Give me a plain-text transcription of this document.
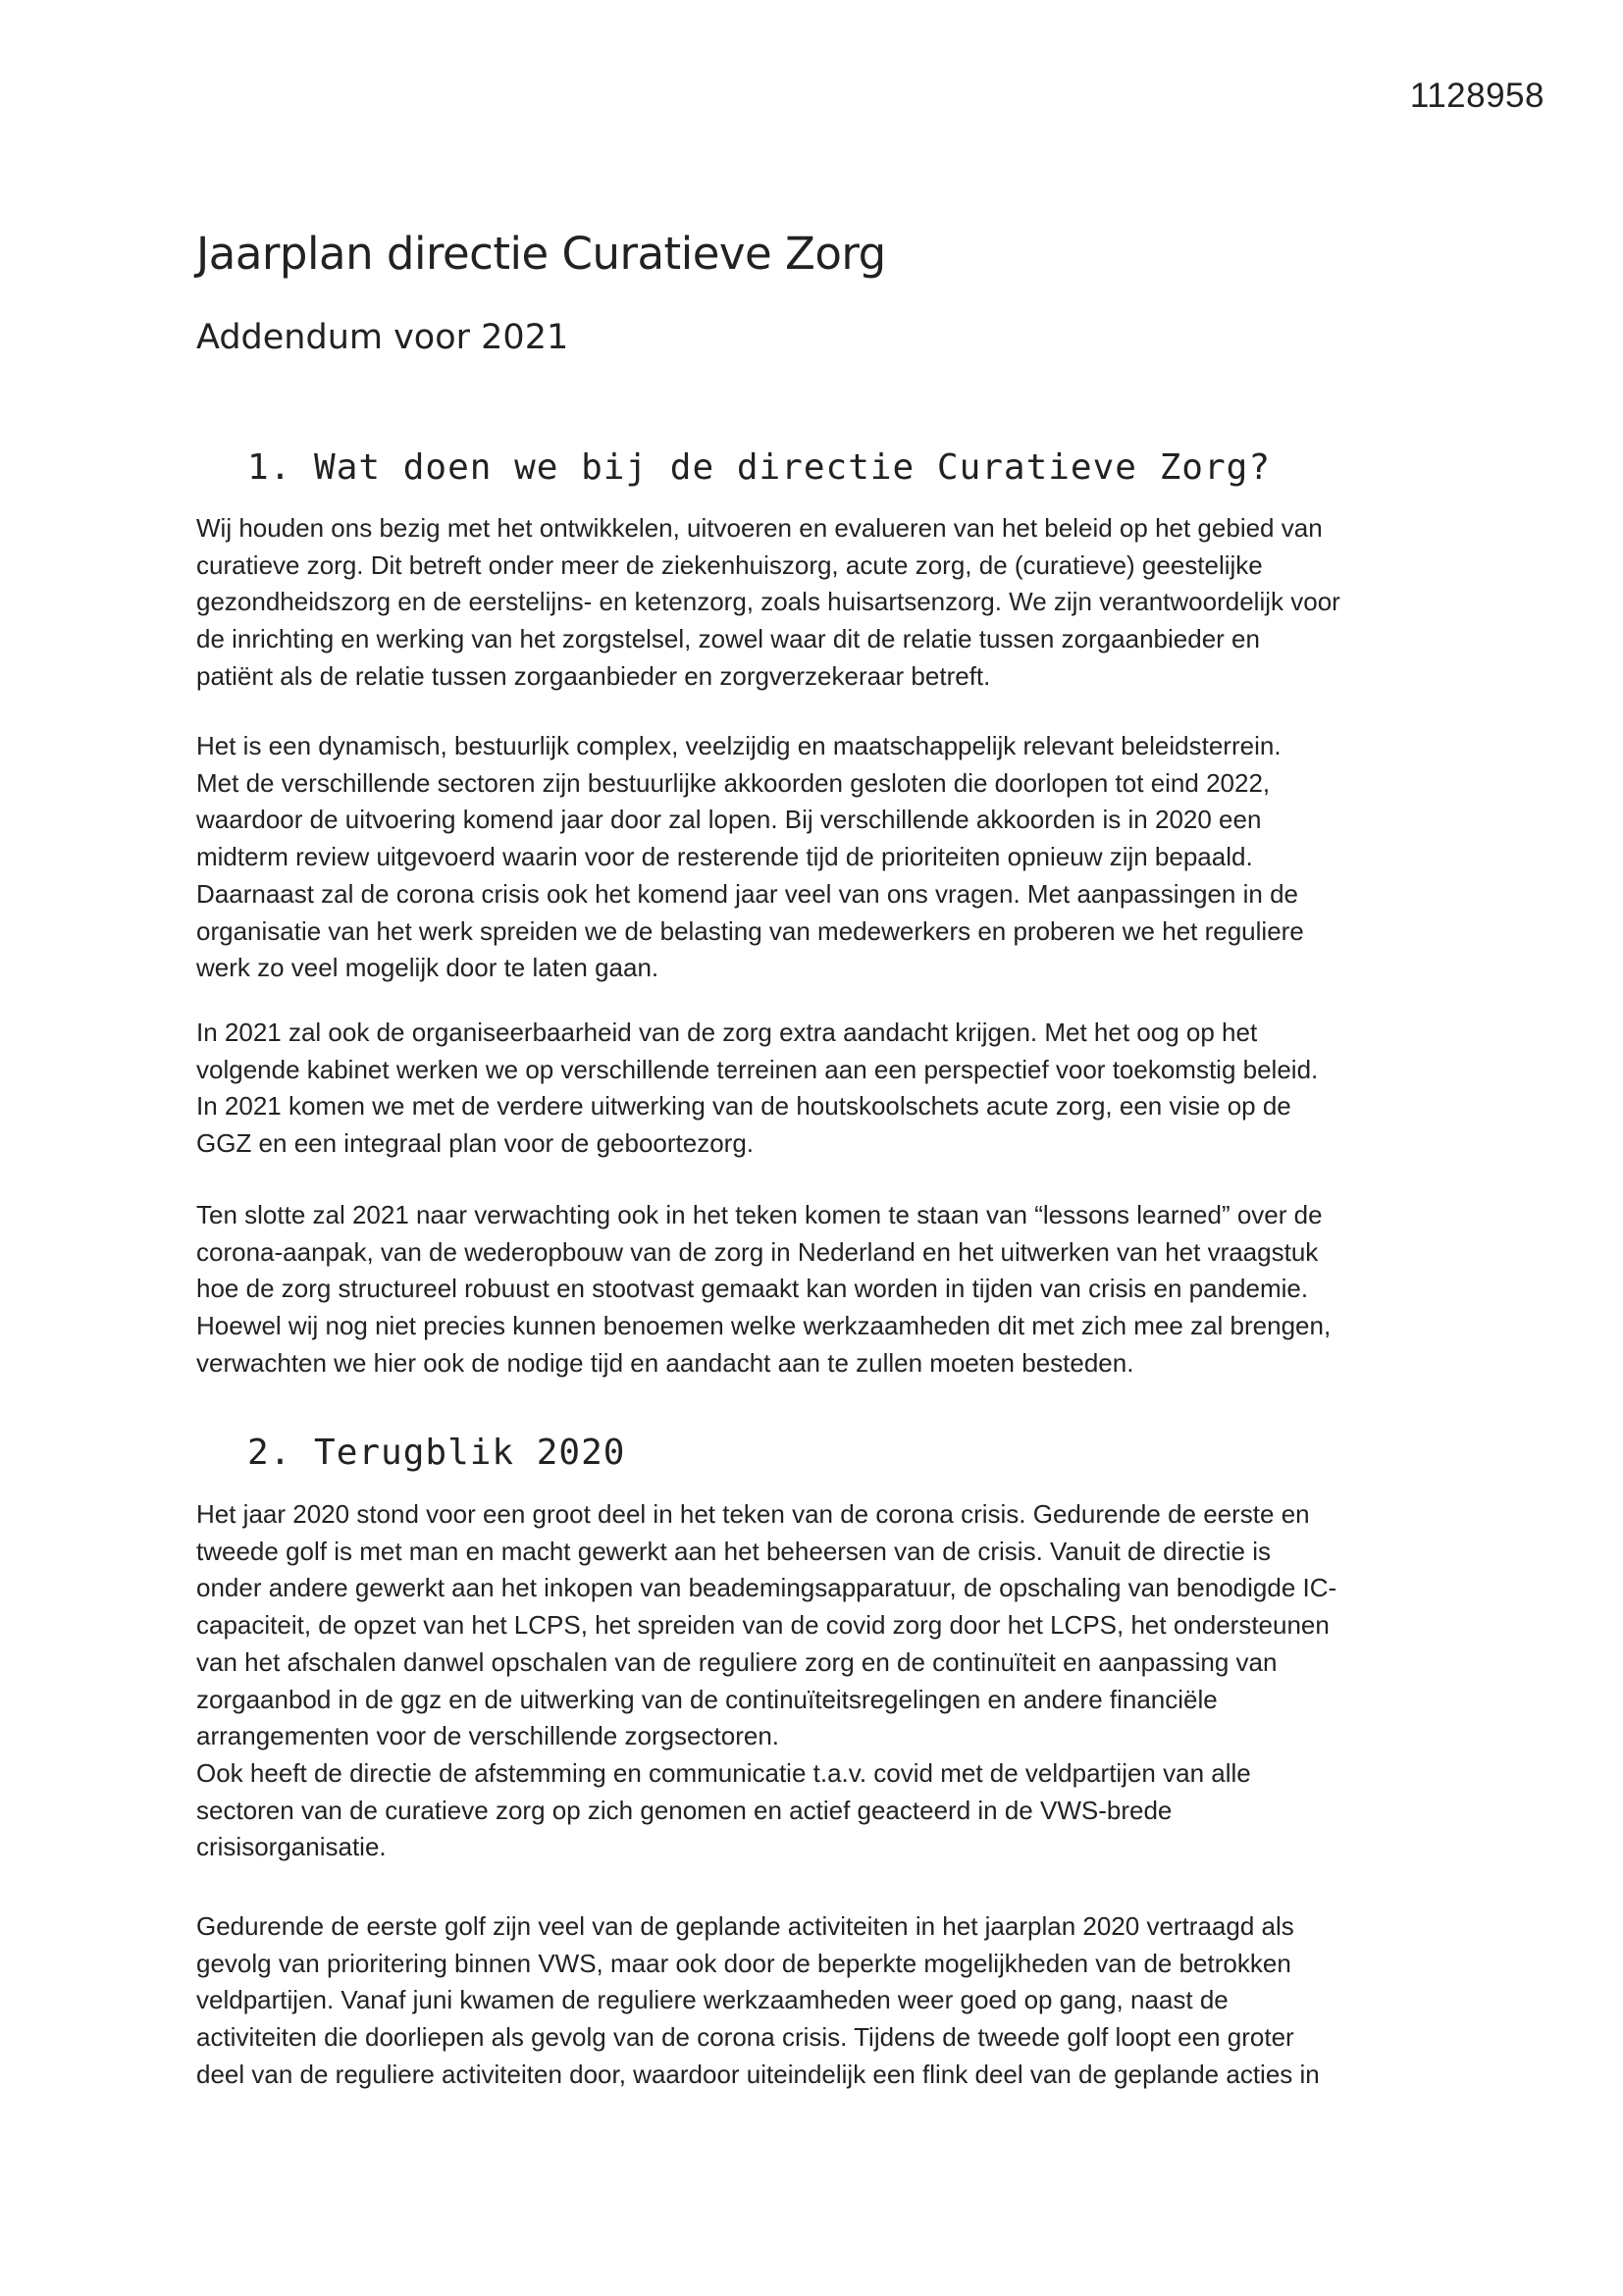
1128958
Jaarplan directie Curatieve Zorg
Addendum voor 2021
1. Wat doen we bij de directie Curatieve Zorg?

Wij houden ons bezig met het ontwikkelen, uitvoeren en evalueren van het beleid op het gebied van
curatieve zorg. Dit betreft onder meer de ziekenhuiszorg, acute zorg, de (curatieve) geestelijke
gezondheidszorg en de eerstelijns- en ketenzorg, zoals huisartsenzorg. We zijn verantwoordelijk voor
de inrichting en werking van het zorgstelsel, zowel waar dit de relatie tussen zorgaanbieder en
patiënt als de relatie tussen zorgaanbieder en zorgverzekeraar betreft.

Het is een dynamisch, bestuurlijk complex, veelzijdig en maatschappelijk relevant beleidsterrein.
Met de verschillende sectoren zijn bestuurlijke akkoorden gesloten die doorlopen tot eind 2022,
waardoor de uitvoering komend jaar door zal lopen. Bij verschillende akkoorden is in 2020 een
midterm review uitgevoerd waarin voor de resterende tijd de prioriteiten opnieuw zijn bepaald.
Daarnaast zal de corona crisis ook het komend jaar veel van ons vragen. Met aanpassingen in de
organisatie van het werk spreiden we de belasting van medewerkers en proberen we het reguliere
werk zo veel mogelijk door te laten gaan.

In 2021 zal ook de organiseerbaarheid van de zorg extra aandacht krijgen. Met het oog op het
volgende kabinet werken we op verschillende terreinen aan een perspectief voor toekomstig beleid.
In 2021 komen we met de verdere uitwerking van de houtskoolschets acute zorg, een visie op de
GGZ en een integraal plan voor de geboortezorg.

Ten slotte zal 2021 naar verwachting ook in het teken komen te staan van “lessons learned” over de
corona-aanpak, van de wederopbouw van de zorg in Nederland en het uitwerken van het vraagstuk
hoe de zorg structureel robuust en stootvast gemaakt kan worden in tijden van crisis en pandemie.
Hoewel wij nog niet precies kunnen benoemen welke werkzaamheden dit met zich mee zal brengen,
verwachten we hier ook de nodige tijd en aandacht aan te zullen moeten besteden.

2. Terugblik 2020

Het jaar 2020 stond voor een groot deel in het teken van de corona crisis. Gedurende de eerste en
tweede golf is met man en macht gewerkt aan het beheersen van de crisis. Vanuit de directie is
onder andere gewerkt aan het inkopen van beademingsapparatuur, de opschaling van benodigde IC-
capaciteit, de opzet van het LCPS, het spreiden van de covid zorg door het LCPS, het ondersteunen
van het afschalen danwel opschalen van de reguliere zorg en de continuïteit en aanpassing van
zorgaanbod in de ggz en de uitwerking van de continuïteitsregelingen en andere financiële
arrangementen voor de verschillende zorgsectoren.
Ook heeft de directie de afstemming en communicatie t.a.v. covid met de veldpartijen van alle
sectoren van de curatieve zorg op zich genomen en actief geacteerd in de VWS-brede
crisisorganisatie.

Gedurende de eerste golf zijn veel van de geplande activiteiten in het jaarplan 2020 vertraagd als
gevolg van prioritering binnen VWS, maar ook door de beperkte mogelijkheden van de betrokken
veldpartijen. Vanaf juni kwamen de reguliere werkzaamheden weer goed op gang, naast de
activiteiten die doorliepen als gevolg van de corona crisis. Tijdens de tweede golf loopt een groter
deel van de reguliere activiteiten door, waardoor uiteindelijk een flink deel van de geplande acties in
